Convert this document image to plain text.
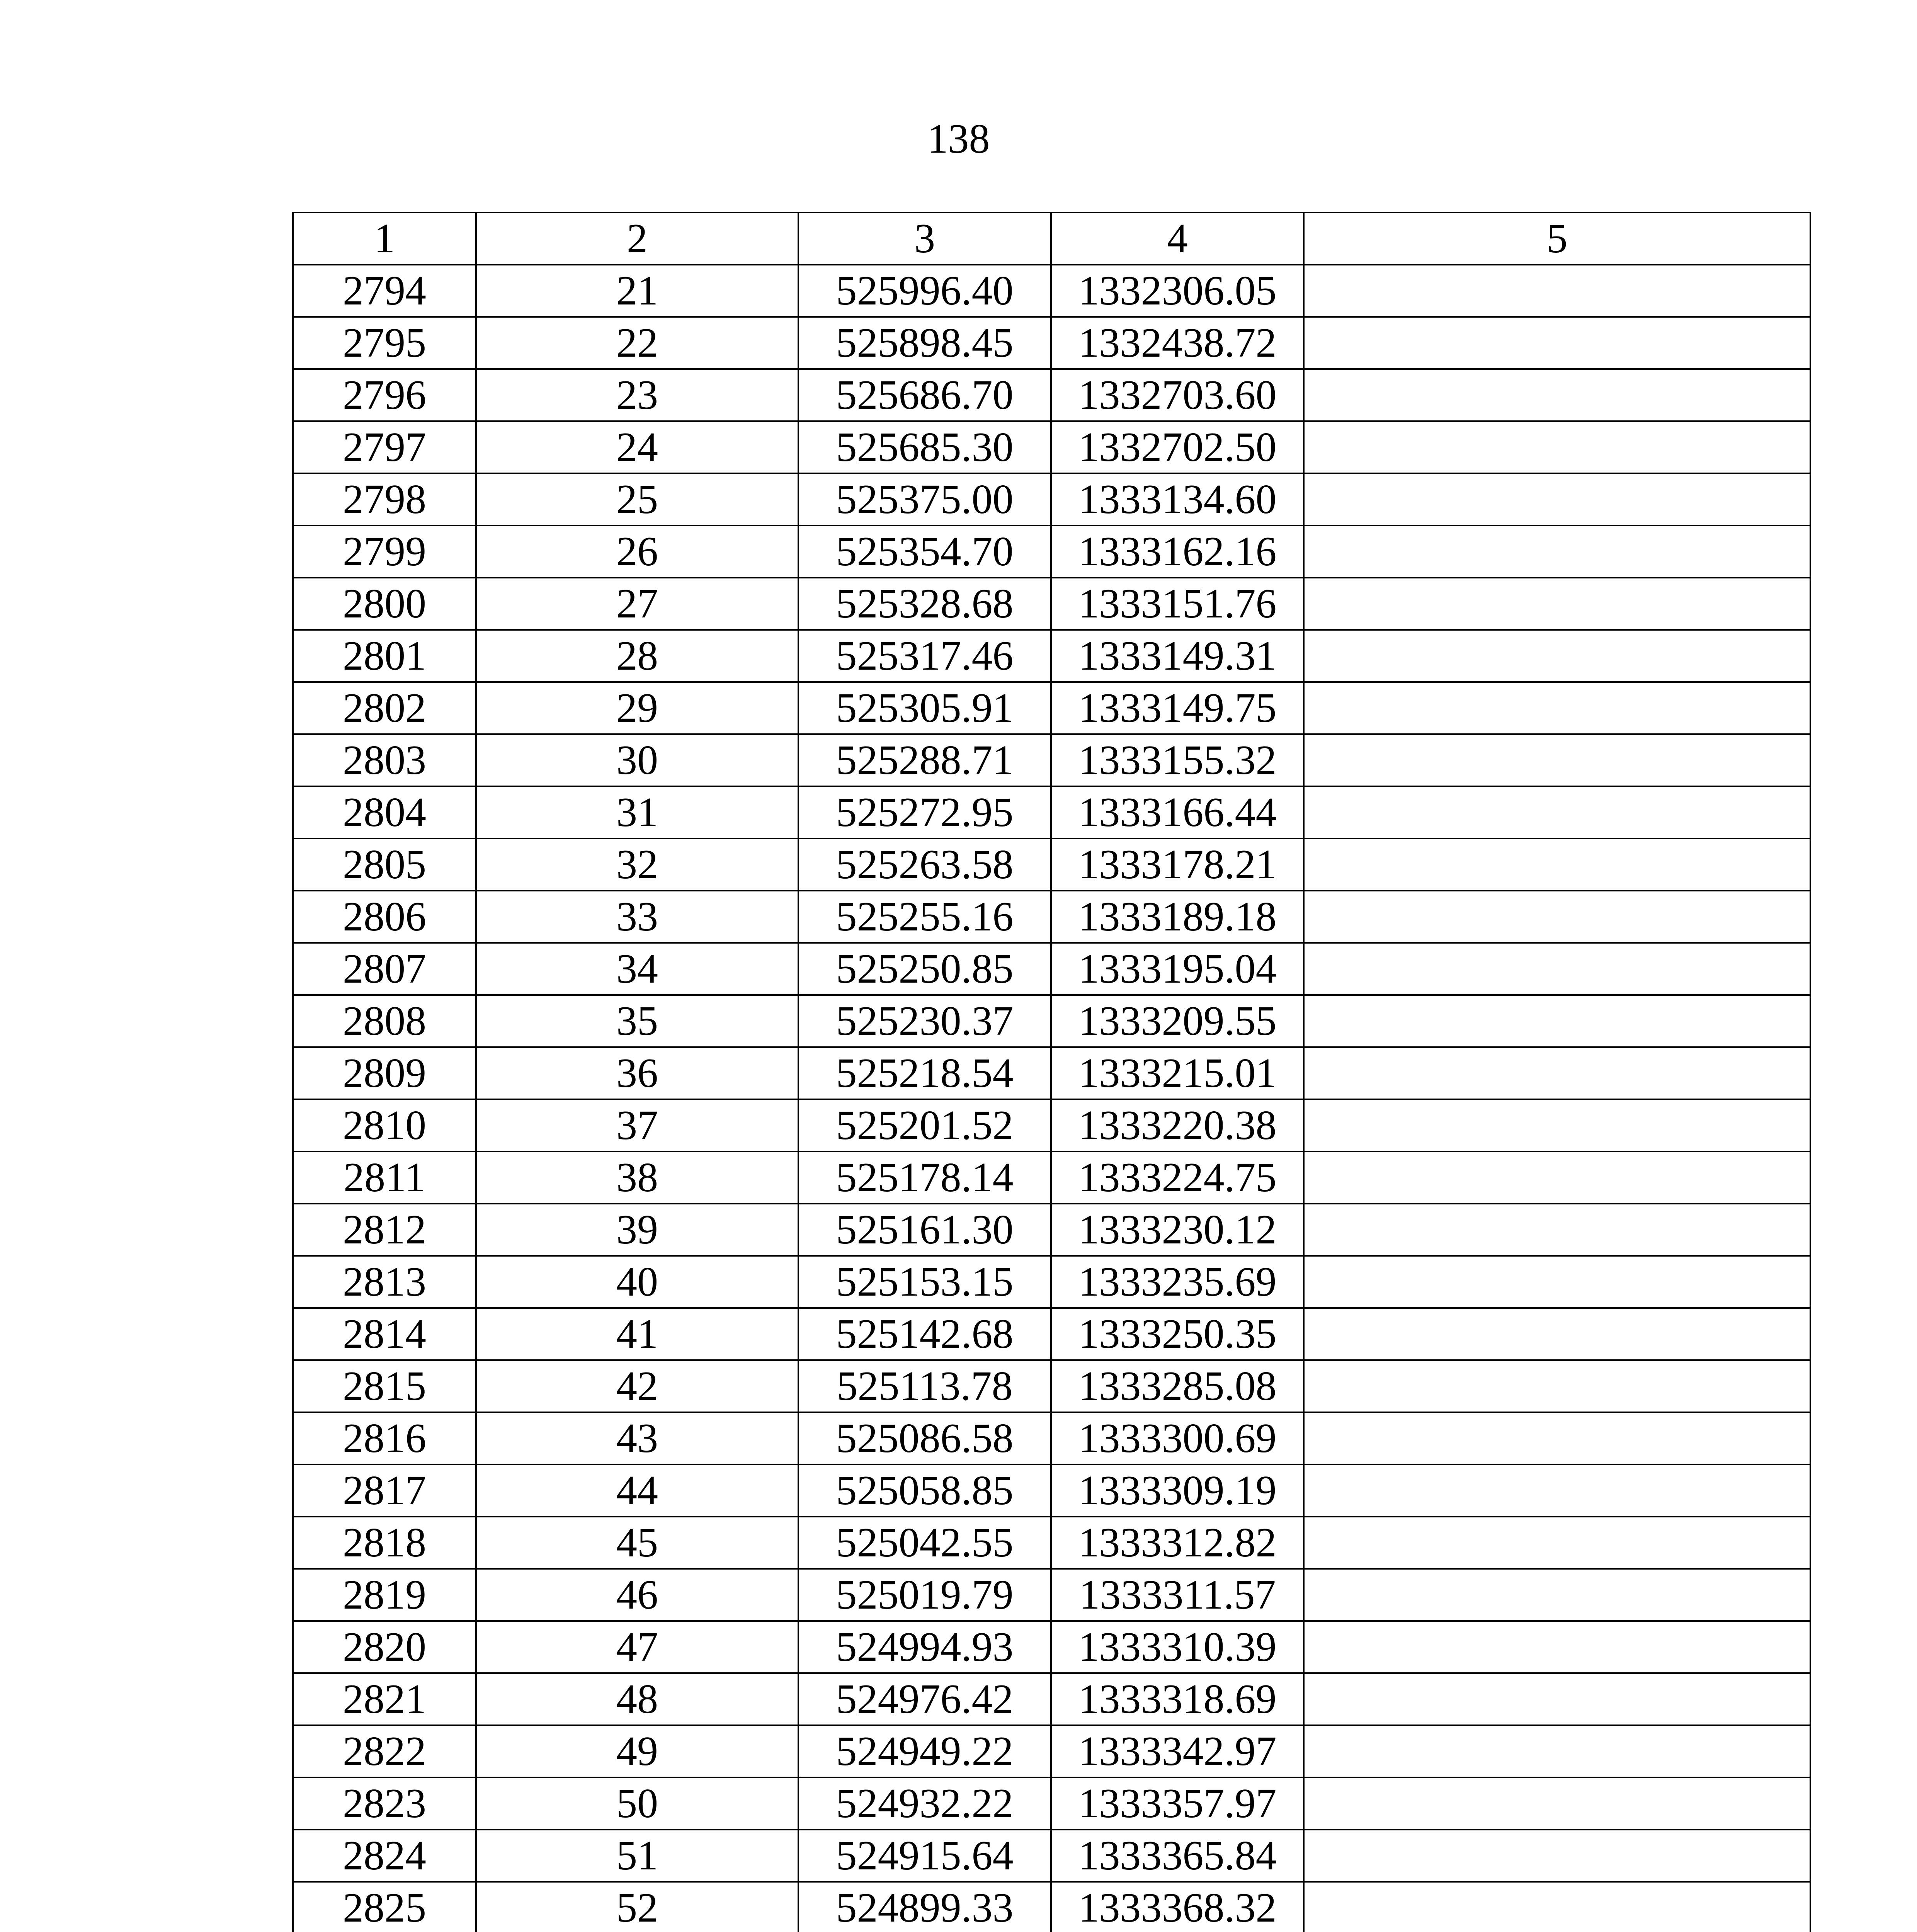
138
1	2	3	4	5
2794	21	525996.40	1332306.05	
2795	22	525898.45	1332438.72	
2796	23	525686.70	1332703.60	
2797	24	525685.30	1332702.50	
2798	25	525375.00	1333134.60	
2799	26	525354.70	1333162.16	
2800	27	525328.68	1333151.76	
2801	28	525317.46	1333149.31	
2802	29	525305.91	1333149.75	
2803	30	525288.71	1333155.32	
2804	31	525272.95	1333166.44	
2805	32	525263.58	1333178.21	
2806	33	525255.16	1333189.18	
2807	34	525250.85	1333195.04	
2808	35	525230.37	1333209.55	
2809	36	525218.54	1333215.01	
2810	37	525201.52	1333220.38	
2811	38	525178.14	1333224.75	
2812	39	525161.30	1333230.12	
2813	40	525153.15	1333235.69	
2814	41	525142.68	1333250.35	
2815	42	525113.78	1333285.08	
2816	43	525086.58	1333300.69	
2817	44	525058.85	1333309.19	
2818	45	525042.55	1333312.82	
2819	46	525019.79	1333311.57	
2820	47	524994.93	1333310.39	
2821	48	524976.42	1333318.69	
2822	49	524949.22	1333342.97	
2823	50	524932.22	1333357.97	
2824	51	524915.64	1333365.84	
2825	52	524899.33	1333368.32	
